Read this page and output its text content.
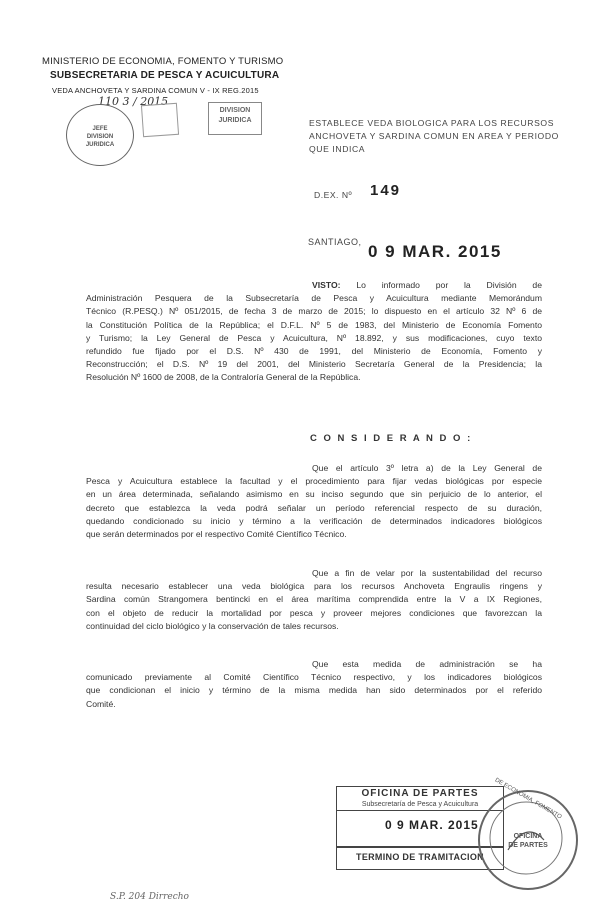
MINISTERIO DE ECONOMIA, FOMENTO Y TURISMO
SUBSECRETARIA DE PESCA Y ACUICULTURA
VEDA ANCHOVETA Y SARDINA COMUN V - IX REG.2015
110 3 / 2015
JEFE
DIVISION
JURIDICA
DIVISION
JURIDICA	ESTABLECE VEDA BIOLOGICA PARA LOS RECURSOS
ANCHOVETA Y SARDINA COMUN EN AREA Y PERIODO
QUE INDICA
D.EX. Nº 149
SANTIAGO, 0 9 MAR. 2015
VISTO: Lo informado por la División de
Administración Pesquera de la Subsecretaría de Pesca y Acuicultura mediante Memorándum
Técnico (R.PESQ.) Nº 051/2015, de fecha 3 de marzo de 2015; lo dispuesto en el artículo 32 Nº 6 de
la Constitución Política de la República; el D.F.L. Nº 5 de 1983, del Ministerio de Economía Fomento
y Turismo; la Ley General de Pesca y Acuicultura, Nº 18.892, y sus modificaciones, cuyo texto
refundido fue fijado por el D.S. Nº 430 de 1991, del Ministerio de Economía, Fomento y
Reconstrucción; el D.S. Nº 19 del 2001, del Ministerio Secretaría General de la Presidencia; la
Resolución Nº 1600 de 2008, de la Contraloría General de la República.
C O N S I D E R A N D O :
Que el artículo 3º letra a) de la Ley General de
Pesca y Acuicultura establece la facultad y el procedimiento para fijar vedas biológicas por especie
en un área determinada, señalando asimismo en su inciso segundo que sin perjuicio de lo anterior, el
decreto que establezca la veda podrá señalar un período referencial respecto de su duración,
quedando condicionado su inicio y término a la verificación de determinados indicadores biológicos
que serán determinados por el respectivo Comité Científico Técnico.
Que a fin de velar por la sustentabilidad del recurso
resulta necesario establecer una veda biológica para los recursos Anchoveta Engraulis ringens y
Sardina común Strangomera bentincki en el área marítima comprendida entre la V a IX Regiones,
con el objeto de reducir la mortalidad por pesca y proveer mejores condiciones que favorezcan la
continuidad del ciclo biológico y la conservación de tales recursos.
Que esta medida de administración se ha
comunicado previamente al Comité Científico Técnico respectivo, y los indicadores biológicos
que condicionan el inicio y término de la misma medida han sido determinados por el referido
Comité.
OFICINA DE PARTES
Subsecretaría de Pesca y Acuicultura
0 9 MAR. 2015
TERMINO DE TRAMITACION
DE ECONOMIA, FOMENTO
OFICINA
DE PARTES
S.P. 204 Dirrecho
